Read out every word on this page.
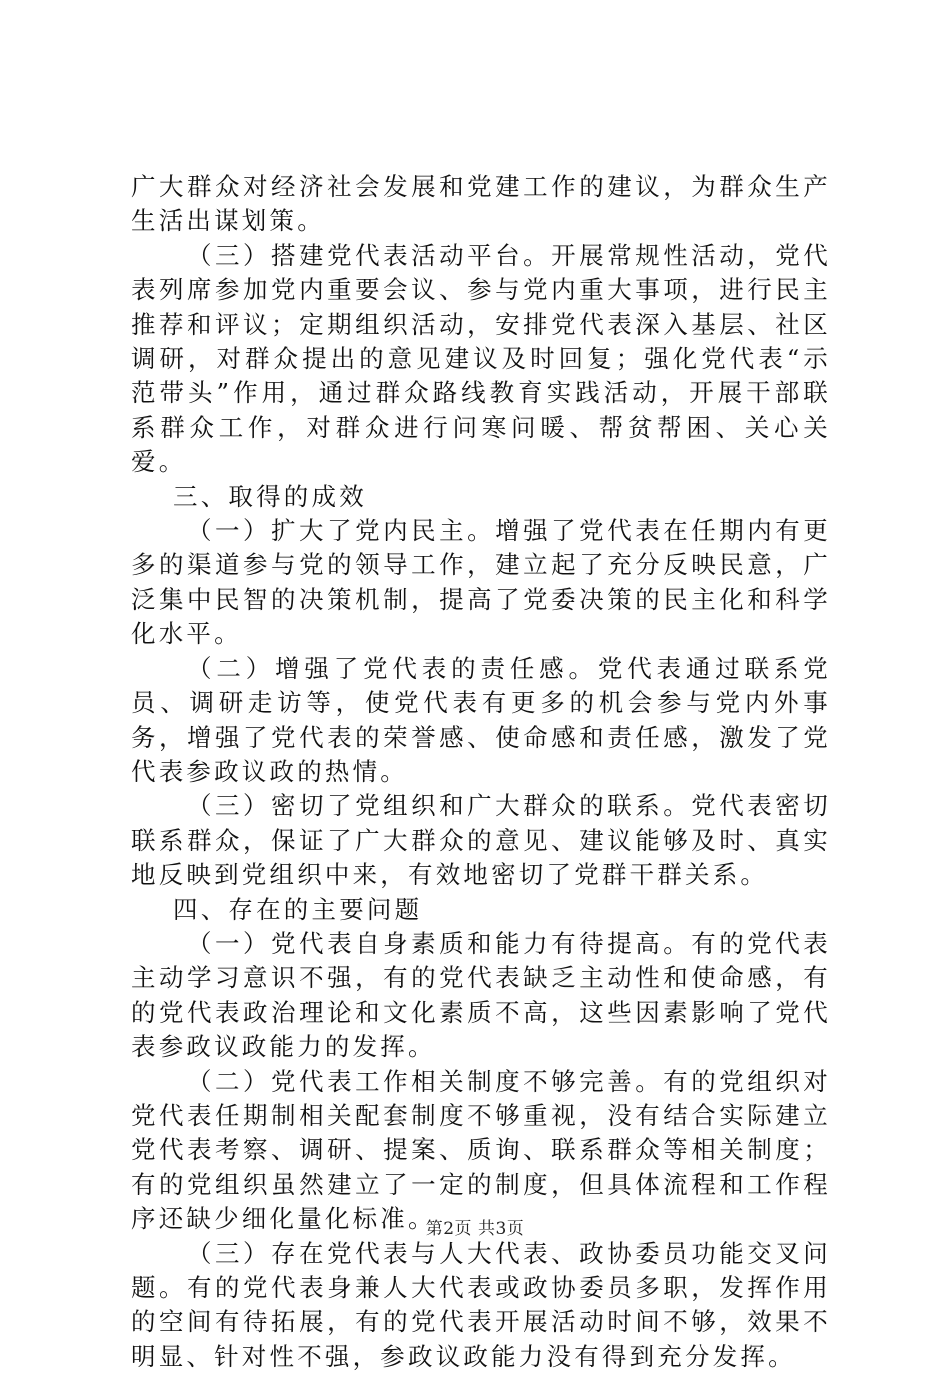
广大群众对经济社会发展和党建工作的建议，为群众生产生活出谋划策。

（三）搭建党代表活动平台。开展常规性活动，党代表列席参加党内重要会议、参与党内重大事项，进行民主推荐和评议；定期组织活动，安排党代表深入基层、社区调研，对群众提出的意见建议及时回复；强化党代表“示范带头”作用，通过群众路线教育实践活动，开展干部联系群众工作，对群众进行问寒问暖、帮贫帮困、关心关爱。

三、取得的成效

（一）扩大了党内民主。增强了党代表在任期内有更多的渠道参与党的领导工作，建立起了充分反映民意，广泛集中民智的决策机制，提高了党委决策的民主化和科学化水平。

（二）增强了党代表的责任感。党代表通过联系党员、调研走访等，使党代表有更多的机会参与党内外事务，增强了党代表的荣誉感、使命感和责任感，激发了党代表参政议政的热情。

（三）密切了党组织和广大群众的联系。党代表密切联系群众，保证了广大群众的意见、建议能够及时、真实地反映到党组织中来，有效地密切了党群干群关系。

四、存在的主要问题

（一）党代表自身素质和能力有待提高。有的党代表主动学习意识不强，有的党代表缺乏主动性和使命感，有的党代表政治理论和文化素质不高，这些因素影响了党代表参政议政能力的发挥。

（二）党代表工作相关制度不够完善。有的党组织对党代表任期制相关配套制度不够重视，没有结合实际建立党代表考察、调研、提案、质询、联系群众等相关制度；有的党组织虽然建立了一定的制度，但具体流程和工作程序还缺少细化量化标准。

（三）存在党代表与人大代表、政协委员功能交叉问题。有的党代表身兼人大代表或政协委员多职，发挥作用的空间有待拓展，有的党代表开展活动时间不够，效果不明显、针对性不强，参政议政能力没有得到充分发挥。

第2页 共3页
